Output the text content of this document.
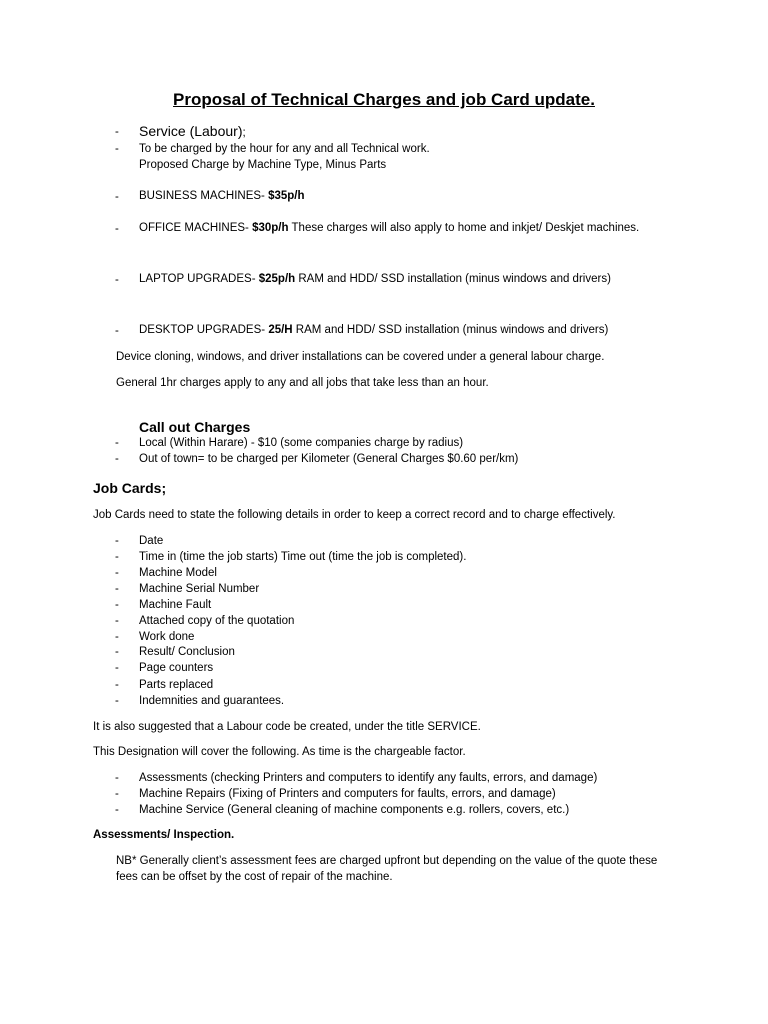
Proposal of Technical Charges and job Card update.
- Service (Labour);
- To be charged by the hour for any and all Technical work.
Proposed Charge by Machine Type, Minus Parts
- BUSINESS MACHINES- $35p/h
- OFFICE MACHINES- $30p/h These charges will also apply to home and inkjet/ Deskjet machines.
- LAPTOP UPGRADES- $25p/h RAM and HDD/ SSD installation (minus windows and drivers)
- DESKTOP UPGRADES- 25/H RAM and HDD/ SSD installation (minus windows and drivers)
Device cloning, windows, and driver installations can be covered under a general labour charge.
General 1hr charges apply to any and all jobs that take less than an hour.
Call out Charges
- Local (Within Harare) - $10 (some companies charge by radius)
- Out of town= to be charged per Kilometer (General Charges $0.60 per/km)
Job Cards;
Job Cards need to state the following details in order to keep a correct record and to charge effectively.
- Date
- Time in (time the job starts) Time out (time the job is completed).
- Machine Model
- Machine Serial Number
- Machine Fault
- Attached copy of the quotation
- Work done
- Result/ Conclusion
- Page counters
- Parts replaced
- Indemnities and guarantees.
It is also suggested that a Labour code be created, under the title SERVICE.
This Designation will cover the following. As time is the chargeable factor.
- Assessments (checking Printers and computers to identify any faults, errors, and damage)
- Machine Repairs (Fixing of Printers and computers for faults, errors, and damage)
- Machine Service (General cleaning of machine components e.g. rollers, covers, etc.)
Assessments/ Inspection.
NB* Generally client’s assessment fees are charged upfront but depending on the value of the quote these
fees can be offset by the cost of repair of the machine.
